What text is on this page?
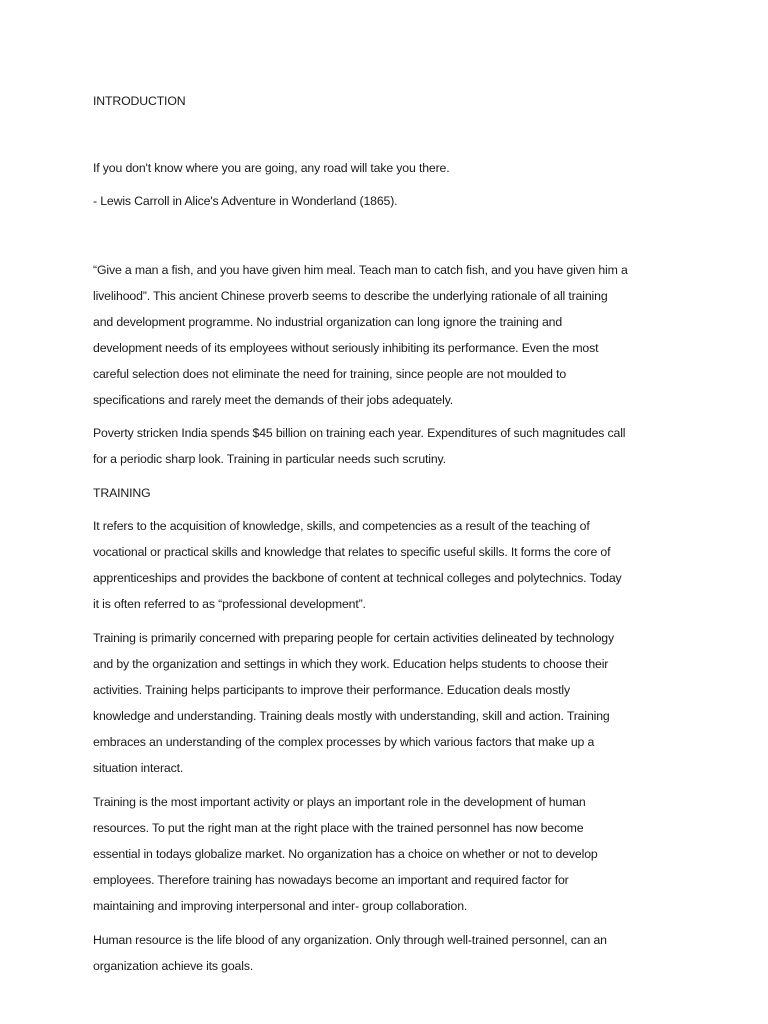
INTRODUCTION

If you don't know where you are going, any road will take you there.

- Lewis Carroll in Alice's Adventure in Wonderland (1865).

“Give a man a fish, and you have given him meal. Teach man to catch fish, and you have given him a
livelihood”. This ancient Chinese proverb seems to describe the underlying rationale of all training
and development programme. No industrial organization can long ignore the training and
development needs of its employees without seriously inhibiting its performance. Even the most
careful selection does not eliminate the need for training, since people are not moulded to
specifications and rarely meet the demands of their jobs adequately.
Poverty stricken India spends $45 billion on training each year. Expenditures of such magnitudes call
for a periodic sharp look. Training in particular needs such scrutiny.
TRAINING
It refers to the acquisition of knowledge, skills, and competencies as a result of the teaching of
vocational or practical skills and knowledge that relates to specific useful skills. It forms the core of
apprenticeships and provides the backbone of content at technical colleges and polytechnics. Today
it is often referred to as “professional development”.
Training is primarily concerned with preparing people for certain activities delineated by technology
and by the organization and settings in which they work. Education helps students to choose their
activities. Training helps participants to improve their performance. Education deals mostly
knowledge and understanding. Training deals mostly with understanding, skill and action. Training
embraces an understanding of the complex processes by which various factors that make up a
situation interact.
Training is the most important activity or plays an important role in the development of human
resources. To put the right man at the right place with the trained personnel has now become
essential in todays globalize market. No organization has a choice on whether or not to develop
employees. Therefore training has nowadays become an important and required factor for
maintaining and improving interpersonal and inter- group collaboration.
Human resource is the life blood of any organization. Only through well-trained personnel, can an
organization achieve its goals.
